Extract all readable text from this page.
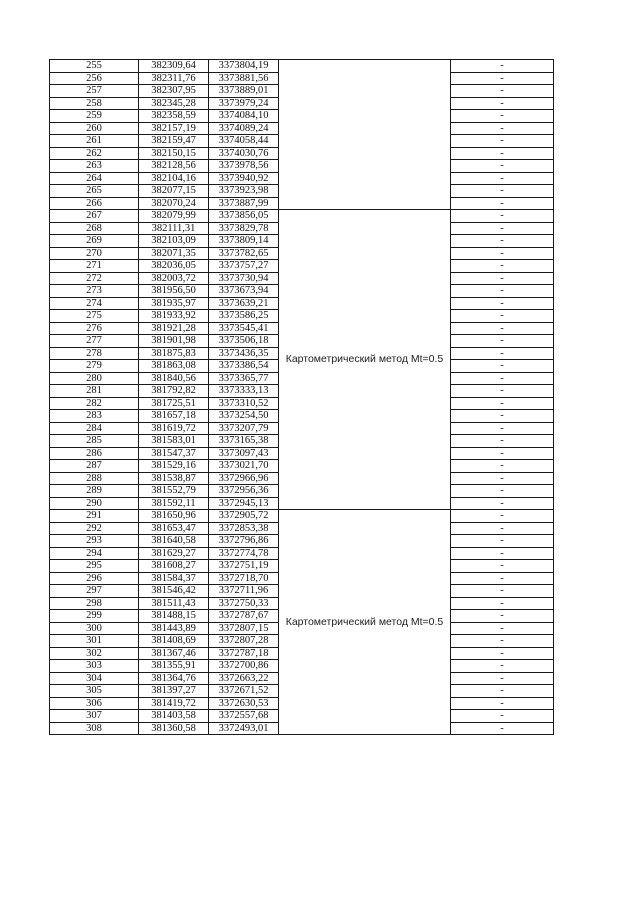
255	382309,64	3373804,19		-
256	382311,76	3373881,56		-
257	382307,95	3373889,01		-
258	382345,28	3373979,24		-
259	382358,59	3374084,10		-
260	382157,19	3374089,24		-
261	382159,47	3374058,44		-
262	382150,15	3374030,76		-
263	382128,56	3373978,56		-
264	382104,16	3373940,92		-
265	382077,15	3373923,98		-
266	382070,24	3373887,99		-
267	382079,99	3373856,05	Картометрический метод Mt=0.5	-
268	382111,31	3373829,78		-
269	382103,09	3373809,14		-
270	382071,35	3373782,65		-
271	382036,05	3373757,27		-
272	382003,72	3373730,94		-
273	381956,50	3373673,94		-
274	381935,97	3373639,21		-
275	381933,92	3373586,25		-
276	381921,28	3373545,41		-
277	381901,98	3373506,18		-
278	381875,83	3373436,35		-
279	381863,08	3373386,54		-
280	381840,56	3373365,77		-
281	381792,82	3373333,13		-
282	381725,51	3373310,52		-
283	381657,18	3373254,50		-
284	381619,72	3373207,79		-
285	381583,01	3373165,38		-
286	381547,37	3373097,43		-
287	381529,16	3373021,70		-
288	381538,87	3372966,96		-
289	381552,79	3372956,36		-
290	381592,11	3372945,13		-
291	381650,96	3372905,72	Картометрический метод Mt=0.5	-
292	381653,47	3372853,38		-
293	381640,58	3372796,86		-
294	381629,27	3372774,78		-
295	381608,27	3372751,19		-
296	381584,37	3372718,70		-
297	381546,42	3372711,96		-
298	381511,43	3372750,33		-
299	381488,15	3372787,67		-
300	381443,89	3372807,15		-
301	381408,69	3372807,28		-
302	381367,46	3372787,18		-
303	381355,91	3372700,86		-
304	381364,76	3372663,22		-
305	381397,27	3372671,52		-
306	381419,72	3372630,53		-
307	381403,58	3372557,68		-
308	381360,58	3372493,01		-
